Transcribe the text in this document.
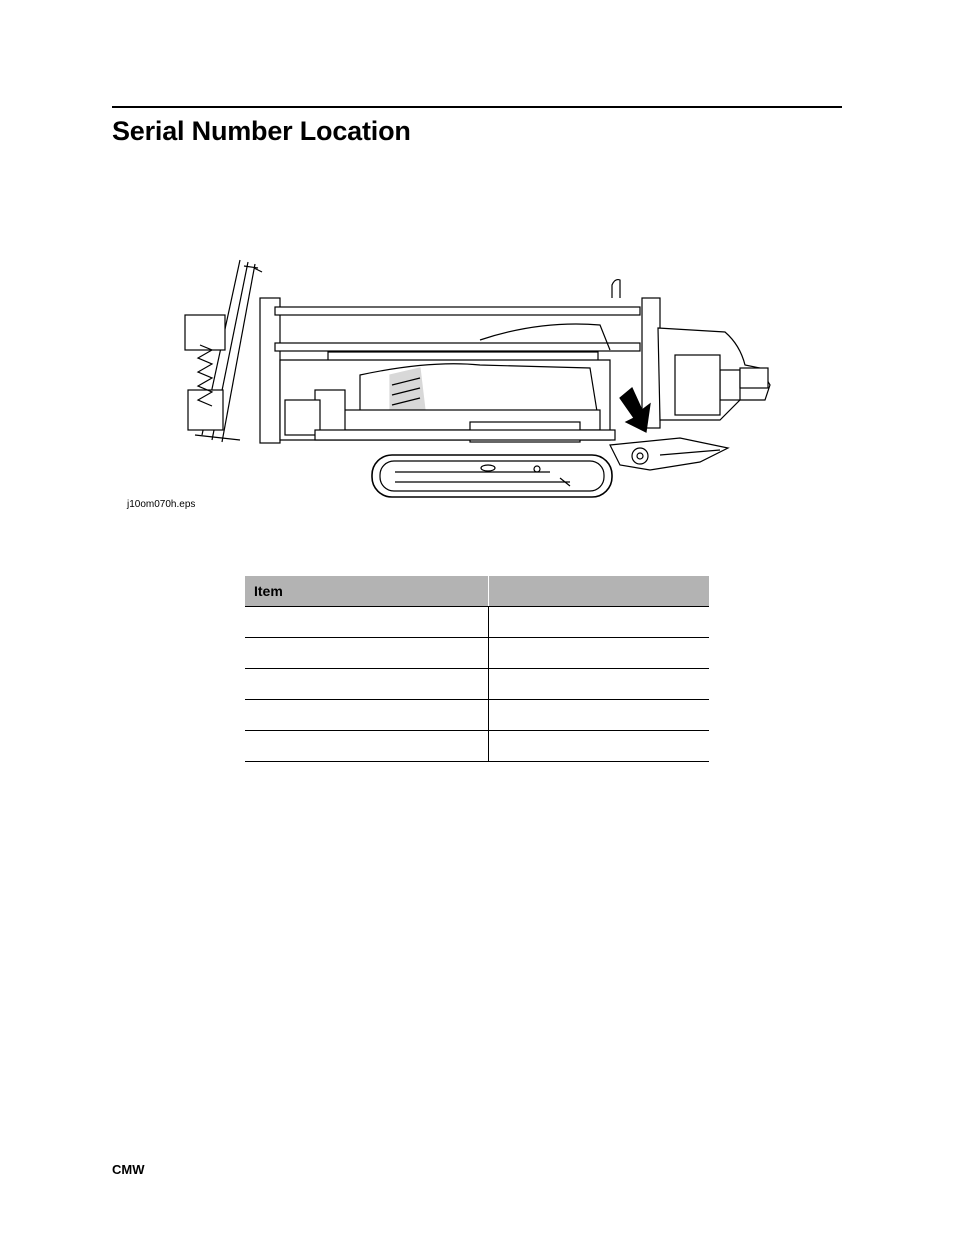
Serial Number Location
j10om070h.eps
Item	

CMW
